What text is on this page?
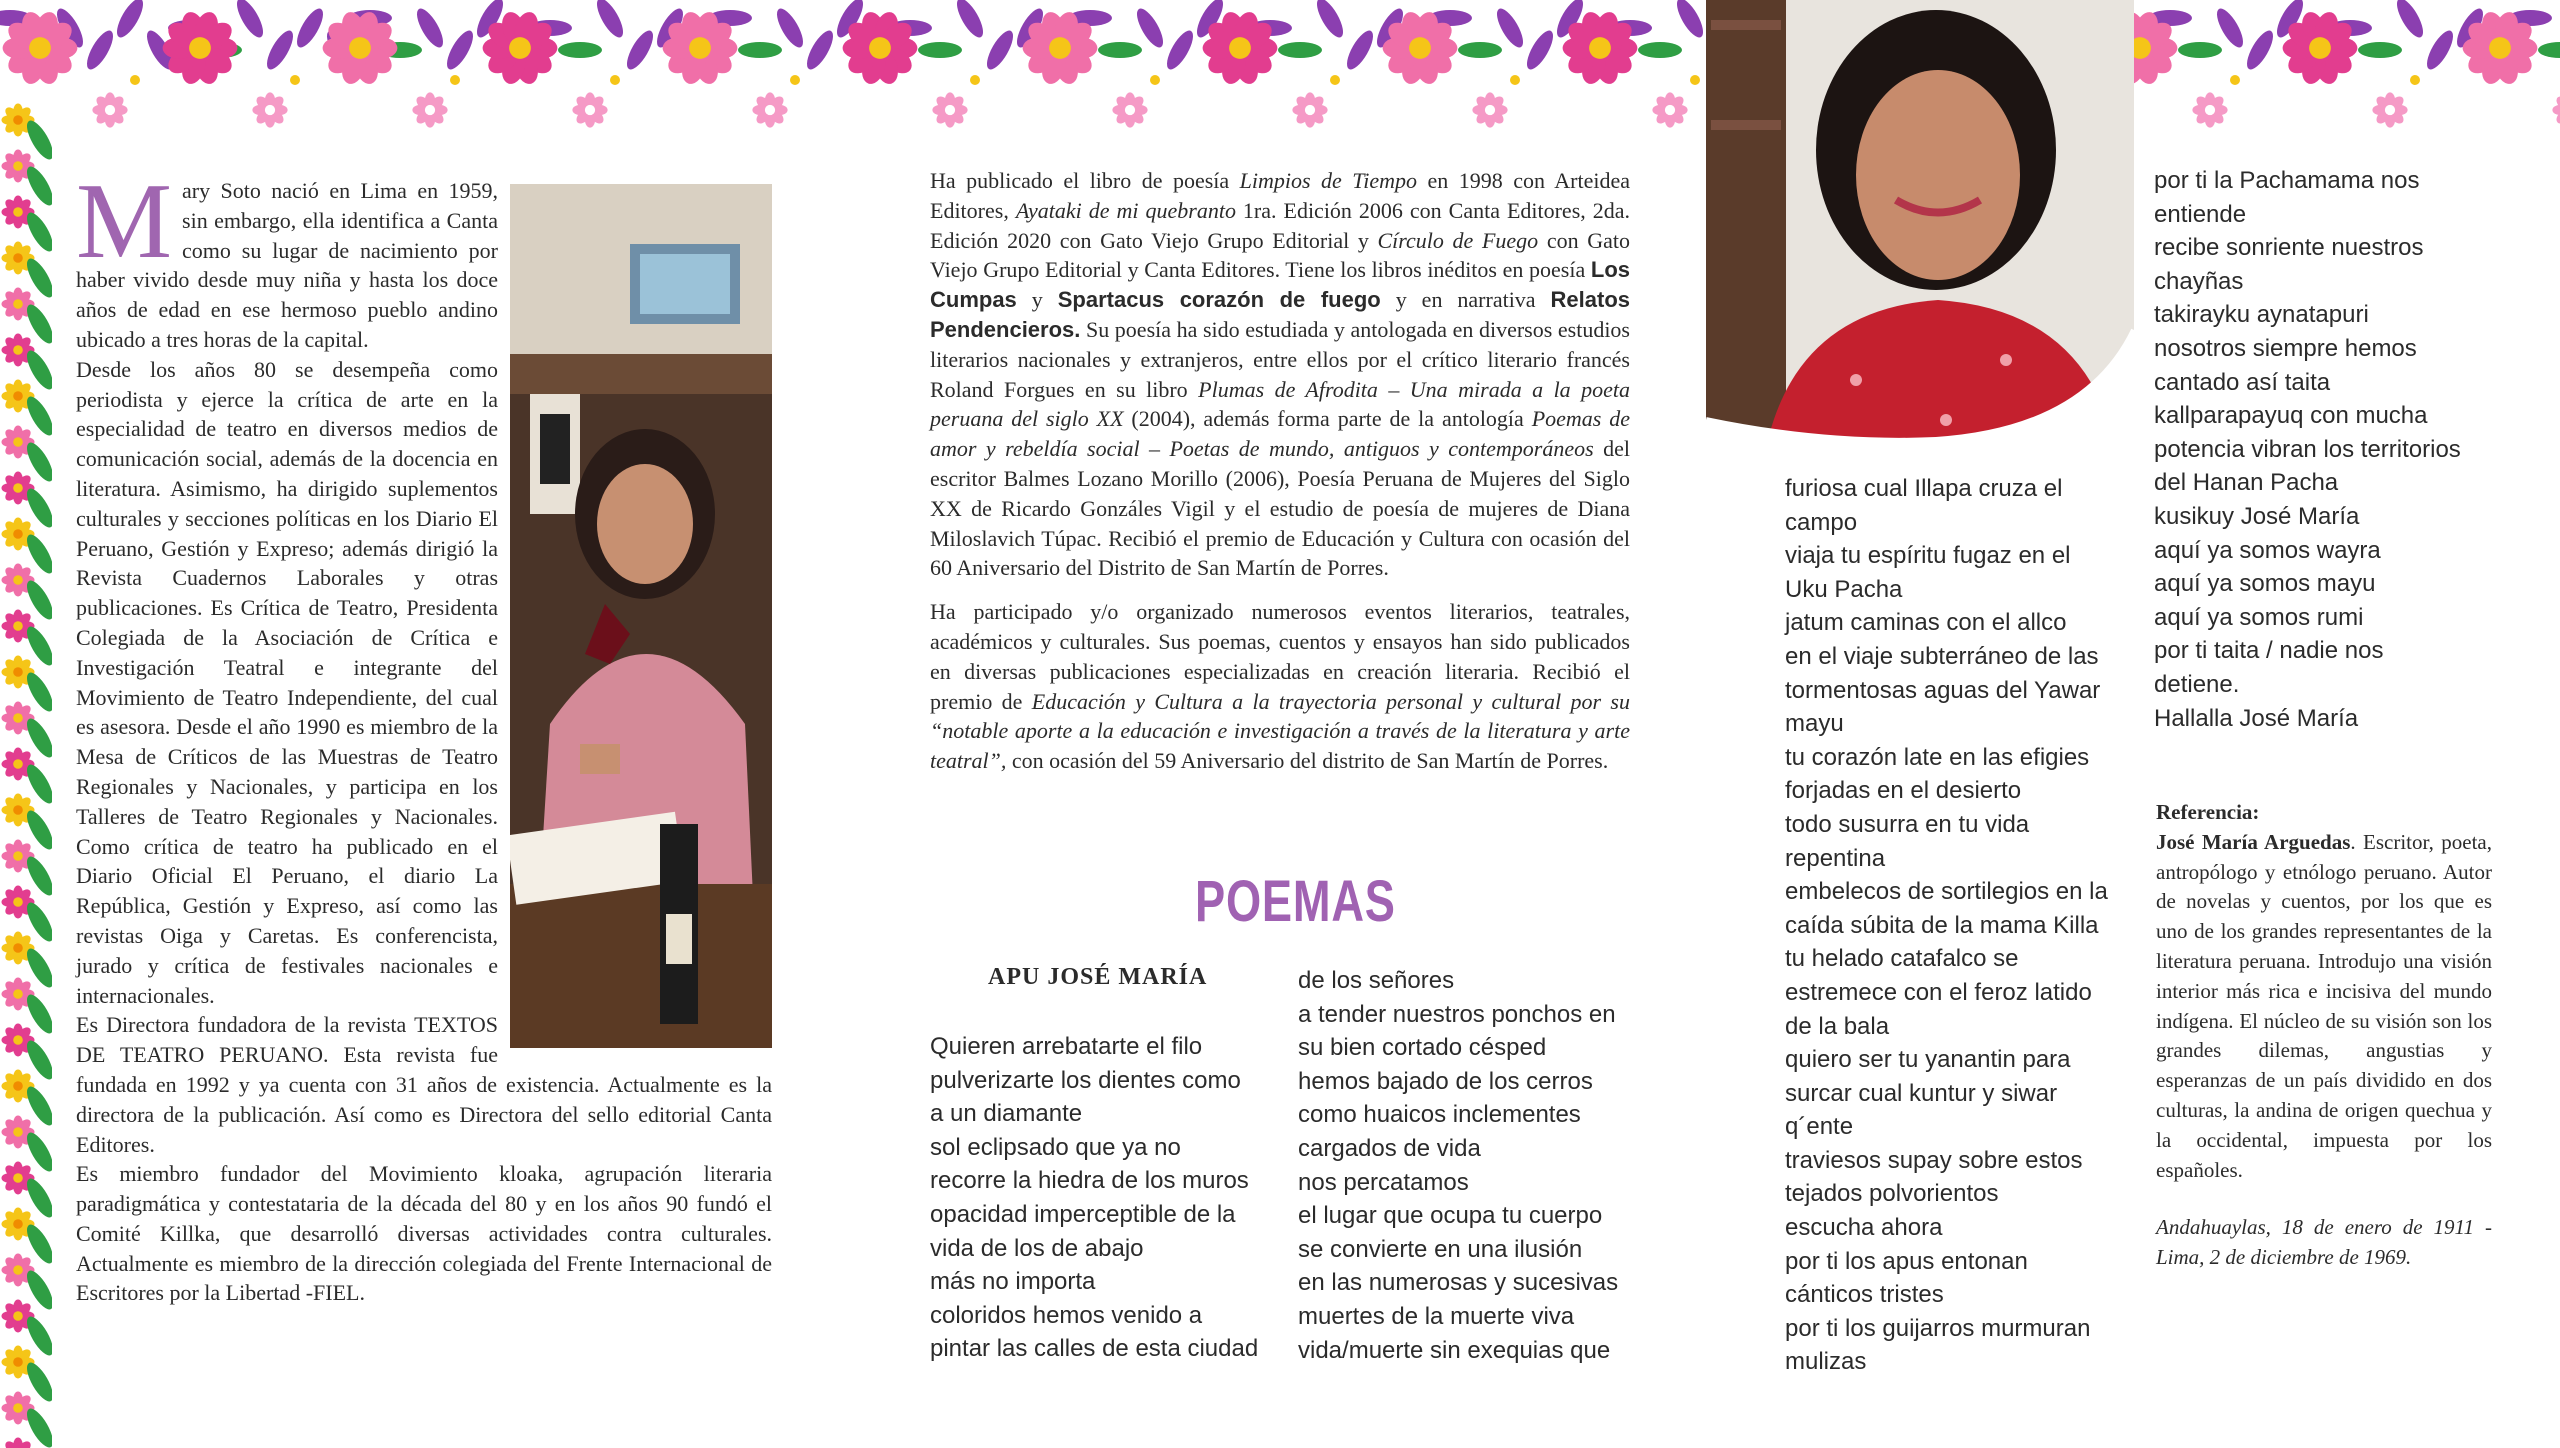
M ary Soto nació en Lima en 1959, sin embargo, ella identifica a Canta como su lugar de nacimiento por haber vivido desde muy niña y hasta los doce años de edad en ese hermoso pueblo andino ubicado a tres horas de la capital.

Desde los años 80 se desempeña como periodista y ejerce la crítica de arte en la especialidad de teatro en diversos medios de comunicación social, además de la docencia en literatura. Asimismo, ha dirigido suplementos culturales y secciones políticas en los Diario El Peruano, Gestión y Expreso; además dirigió la Revista Cuadernos Laborales y otras publicaciones. Es Crítica de Teatro, Presidenta Colegiada de la Asociación de Crítica e Investigación Teatral e integrante del Movimiento de Teatro Independiente, del cual es asesora. Desde el año 1990 es miembro de la Mesa de Críticos de las Muestras de Teatro Regionales y Nacionales, y participa en los Talleres de Teatro Regionales y Nacionales. Como crítica de teatro ha publicado en el Diario Oficial El Peruano, el diario La República, Gestión y Expreso, así como las revistas Oiga y Caretas. Es conferencista, jurado y crítica de festivales nacionales e internacionales.

Es Directora fundadora de la revista TEXTOS DE TEATRO PERUANO. Esta revista fue fundada en 1992 y ya cuenta con 31 años de existencia. Actualmente es la directora de la publicación. Así como es Directora del sello editorial Canta Editores.

Es miembro fundador del Movimiento kloaka, agrupación literaria paradigmática y contestataria de la década del 80 y en los años 90 fundó el Comité Killka, que desarrolló diversas actividades contra culturales. Actualmente es miembro de la dirección colegiada del Frente Internacional de Escritores por la Libertad -FIEL.

Ha publicado el libro de poesía Limpios de Tiempo en 1998 con Arteidea Editores, Ayataki de mi quebranto 1ra. Edición 2006 con Canta Editores, 2da. Edición 2020 con Gato Viejo Grupo Editorial y Círculo de Fuego con Gato Viejo Grupo Editorial y Canta Editores. Tiene los libros inéditos en poesía Los Cumpas y Spartacus corazón de fuego y en narrativa Relatos Pendencieros. Su poesía ha sido estudiada y antologada en diversos estudios literarios nacionales y extranjeros, entre ellos por el crítico literario francés Roland Forgues en su libro Plumas de Afrodita – Una mirada a la poeta peruana del siglo XX (2004), además forma parte de la antología Poemas de amor y rebeldía social – Poetas de mundo, antiguos y contemporáneos del escritor Balmes Lozano Morillo (2006), Poesía Peruana de Mujeres del Siglo XX de Ricardo Gonzáles Vigil y el estudio de poesía de mujeres de Diana Miloslavich Túpac. Recibió el premio de Educación y Cultura con ocasión del 60 Aniversario del Distrito de San Martín de Porres.

Ha participado y/o organizado numerosos eventos literarios, teatrales, académicos y culturales. Sus poemas, cuentos y ensayos han sido publicados en diversas publicaciones especializadas en creación literaria. Recibió el premio de Educación y Cultura a la trayectoria personal y cultural por su “notable aporte a la educación e investigación a través de la literatura y arte teatral”, con ocasión del 59 Aniversario del distrito de San Martín de Porres.

POEMAS
APU JOSÉ MARÍA
Quieren arrebatarte el filo
pulverizarte los dientes como
a un diamante
sol eclipsado que ya no
recorre la hiedra de los muros
opacidad imperceptible de la
vida de los de abajo
más no importa
coloridos hemos venido a
pintar las calles de esta ciudad
de los señores
a tender nuestros ponchos en
su bien cortado césped
hemos bajado de los cerros
como huaicos inclementes
cargados de vida
nos percatamos
el lugar que ocupa tu cuerpo
se convierte en una ilusión
en las numerosas y sucesivas
muertes de la muerte viva
vida/muerte sin exequias que
furiosa cual Illapa cruza el
campo
viaja tu espíritu fugaz en el
Uku Pacha
jatum caminas con el allco
en el viaje subterráneo de las
tormentosas aguas del Yawar
mayu
tu corazón late en las efigies
forjadas en el desierto
todo susurra en tu vida
repentina
embelecos de sortilegios en la
caída súbita de la mama Killa
tu helado catafalco se
estremece con el feroz latido
de la bala
quiero ser tu yanantin para
surcar cual kuntur y siwar
q´ente
traviesos supay sobre estos
tejados polvorientos
escucha ahora
por ti los apus entonan
cánticos tristes
por ti los guijarros murmuran
mulizas
por ti la Pachamama nos
entiende
recibe sonriente nuestros
chayñas
takirayku aynatapuri
nosotros siempre hemos
cantado así taita
kallparapayuq con mucha
potencia vibran los territorios
del Hanan Pacha
kusikuy José María
aquí ya somos wayra
aquí ya somos mayu
aquí ya somos rumi
por ti taita / nadie nos
detiene.
Hallalla José María
Referencia:

José María Arguedas. Escritor, poeta, antropólogo y etnólogo peruano. Autor de novelas y cuentos, por los que es uno de los grandes representantes de la literatura peruana. Introdujo una visión interior más rica e incisiva del mundo indígena. El núcleo de su visión son los grandes dilemas, angustias y esperanzas de un país dividido en dos culturas, la andina de origen quechua y la occidental, impuesta por los españoles.

Andahuaylas, 18 de enero de 1911 - Lima, 2 de diciembre de 1969.
